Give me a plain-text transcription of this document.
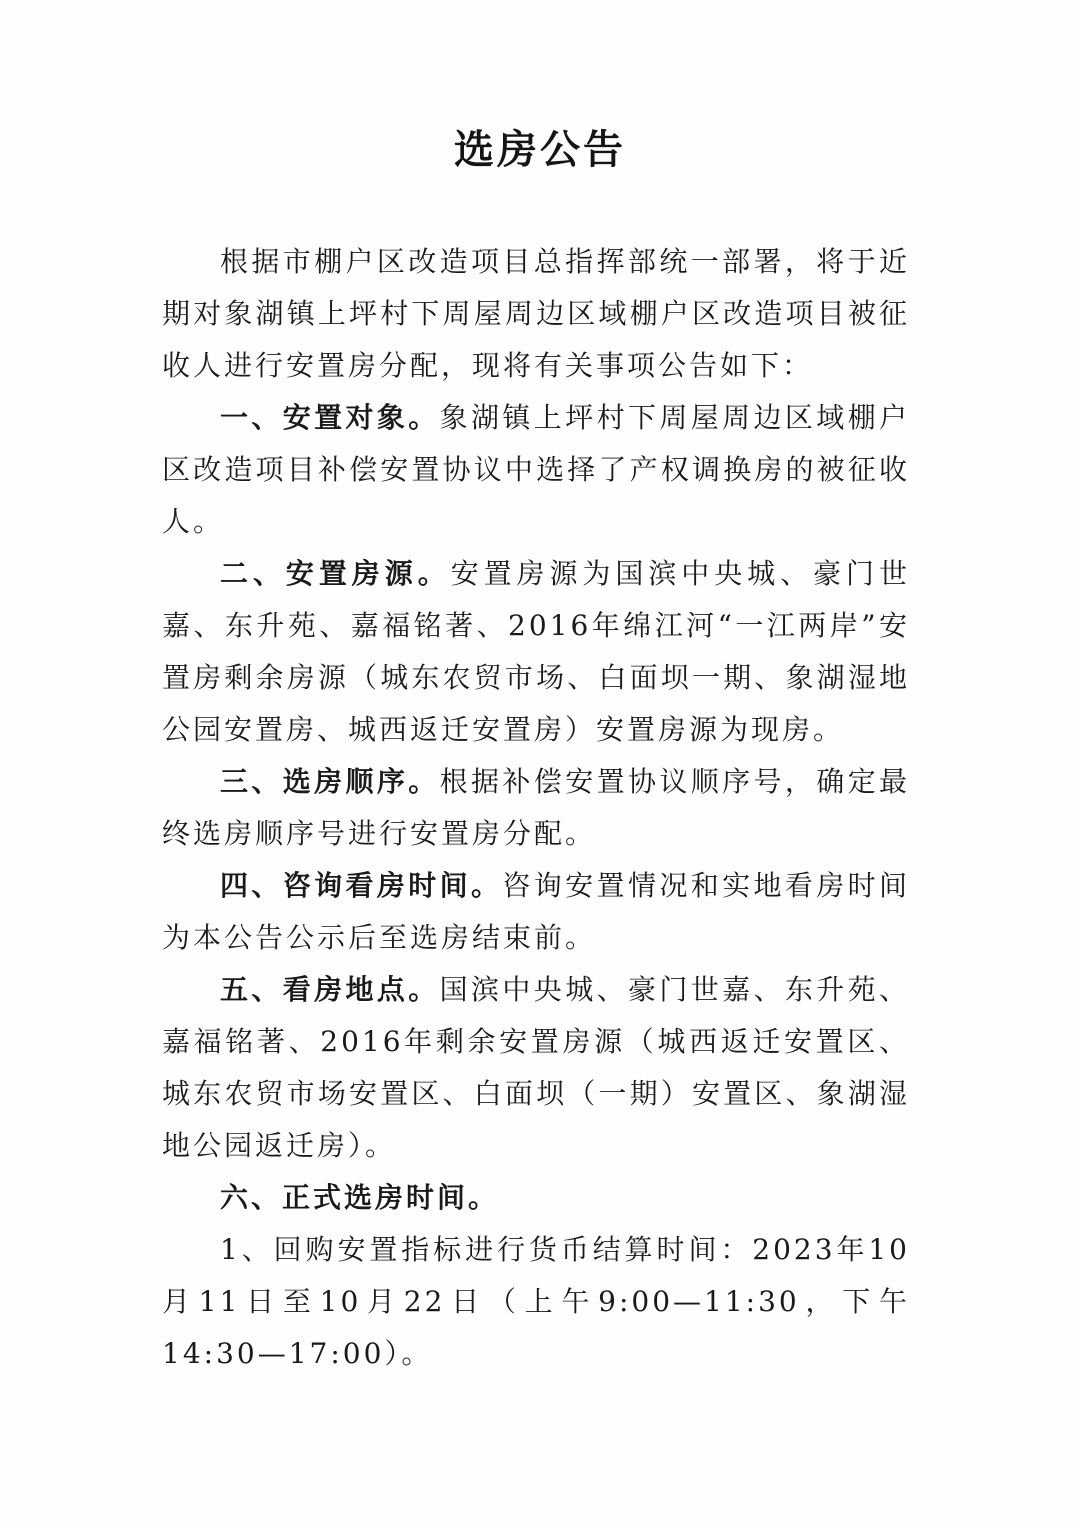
选房公告

根据市棚户区改造项目总指挥部统一部署，将于近期对象湖镇上坪村下周屋周边区域棚户区改造项目被征收人进行安置房分配，现将有关事项公告如下：

一、安置对象。象湖镇上坪村下周屋周边区域棚户区改造项目补偿安置协议中选择了产权调换房的被征收人。

二、安置房源。安置房源为国滨中央城、豪门世嘉、东升苑、嘉福铭著、2016年绵江河“一江两岸”安置房剩余房源（城东农贸市场、白面坝一期、象湖湿地公园安置房、城西返迁安置房）安置房源为现房。

三、选房顺序。根据补偿安置协议顺序号，确定最终选房顺序号进行安置房分配。

四、咨询看房时间。咨询安置情况和实地看房时间为本公告公示后至选房结束前。

五、看房地点。国滨中央城、豪门世嘉、东升苑、嘉福铭著、2016年剩余安置房源（城西返迁安置区、城东农贸市场安置区、白面坝（一期）安置区、象湖湿地公园返迁房）。

六、正式选房时间。

1、回购安置指标进行货币结算时间：2023年10月11日至10月22日（上午9:00—11:30，下午14:30—17:00）。
